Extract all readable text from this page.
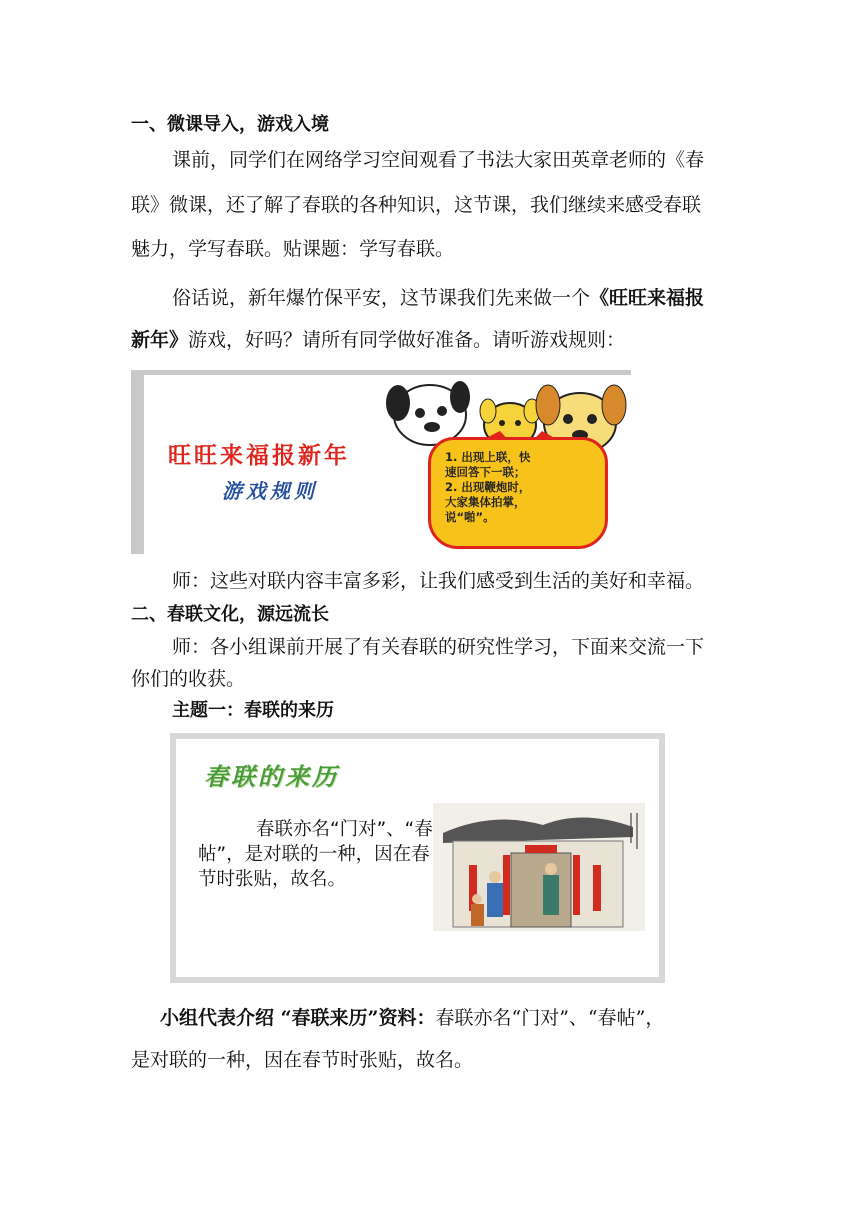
一、微课导入，游戏入境
课前，同学们在网络学习空间观看了书法大家田英章老师的《春
联》微课，还了解了春联的各种知识，这节课，我们继续来感受春联
魅力，学写春联。贴课题：学写春联。
俗话说，新年爆竹保平安，这节课我们先来做一个《旺旺来福报
新年》游戏，好吗？请所有同学做好准备。请听游戏规则：
旺旺来福报新年
游戏规则
1. 出现上联，快
速回答下一联；
2. 出现鞭炮时，
大家集体拍掌，
说“啪”。
师：这些对联内容丰富多彩，让我们感受到生活的美好和幸福。
二、春联文化，源远流长
师：各小组课前开展了有关春联的研究性学习，下面来交流一下
你们的收获。
主题一：春联的来历
春联的来历
春联亦名“门对”、“春帖”，是对联的一种，因在春节时张贴，故名。
小组代表介绍 “春联来历”资料：春联亦名“门对”、“春帖”，
是对联的一种，因在春节时张贴，故名。
